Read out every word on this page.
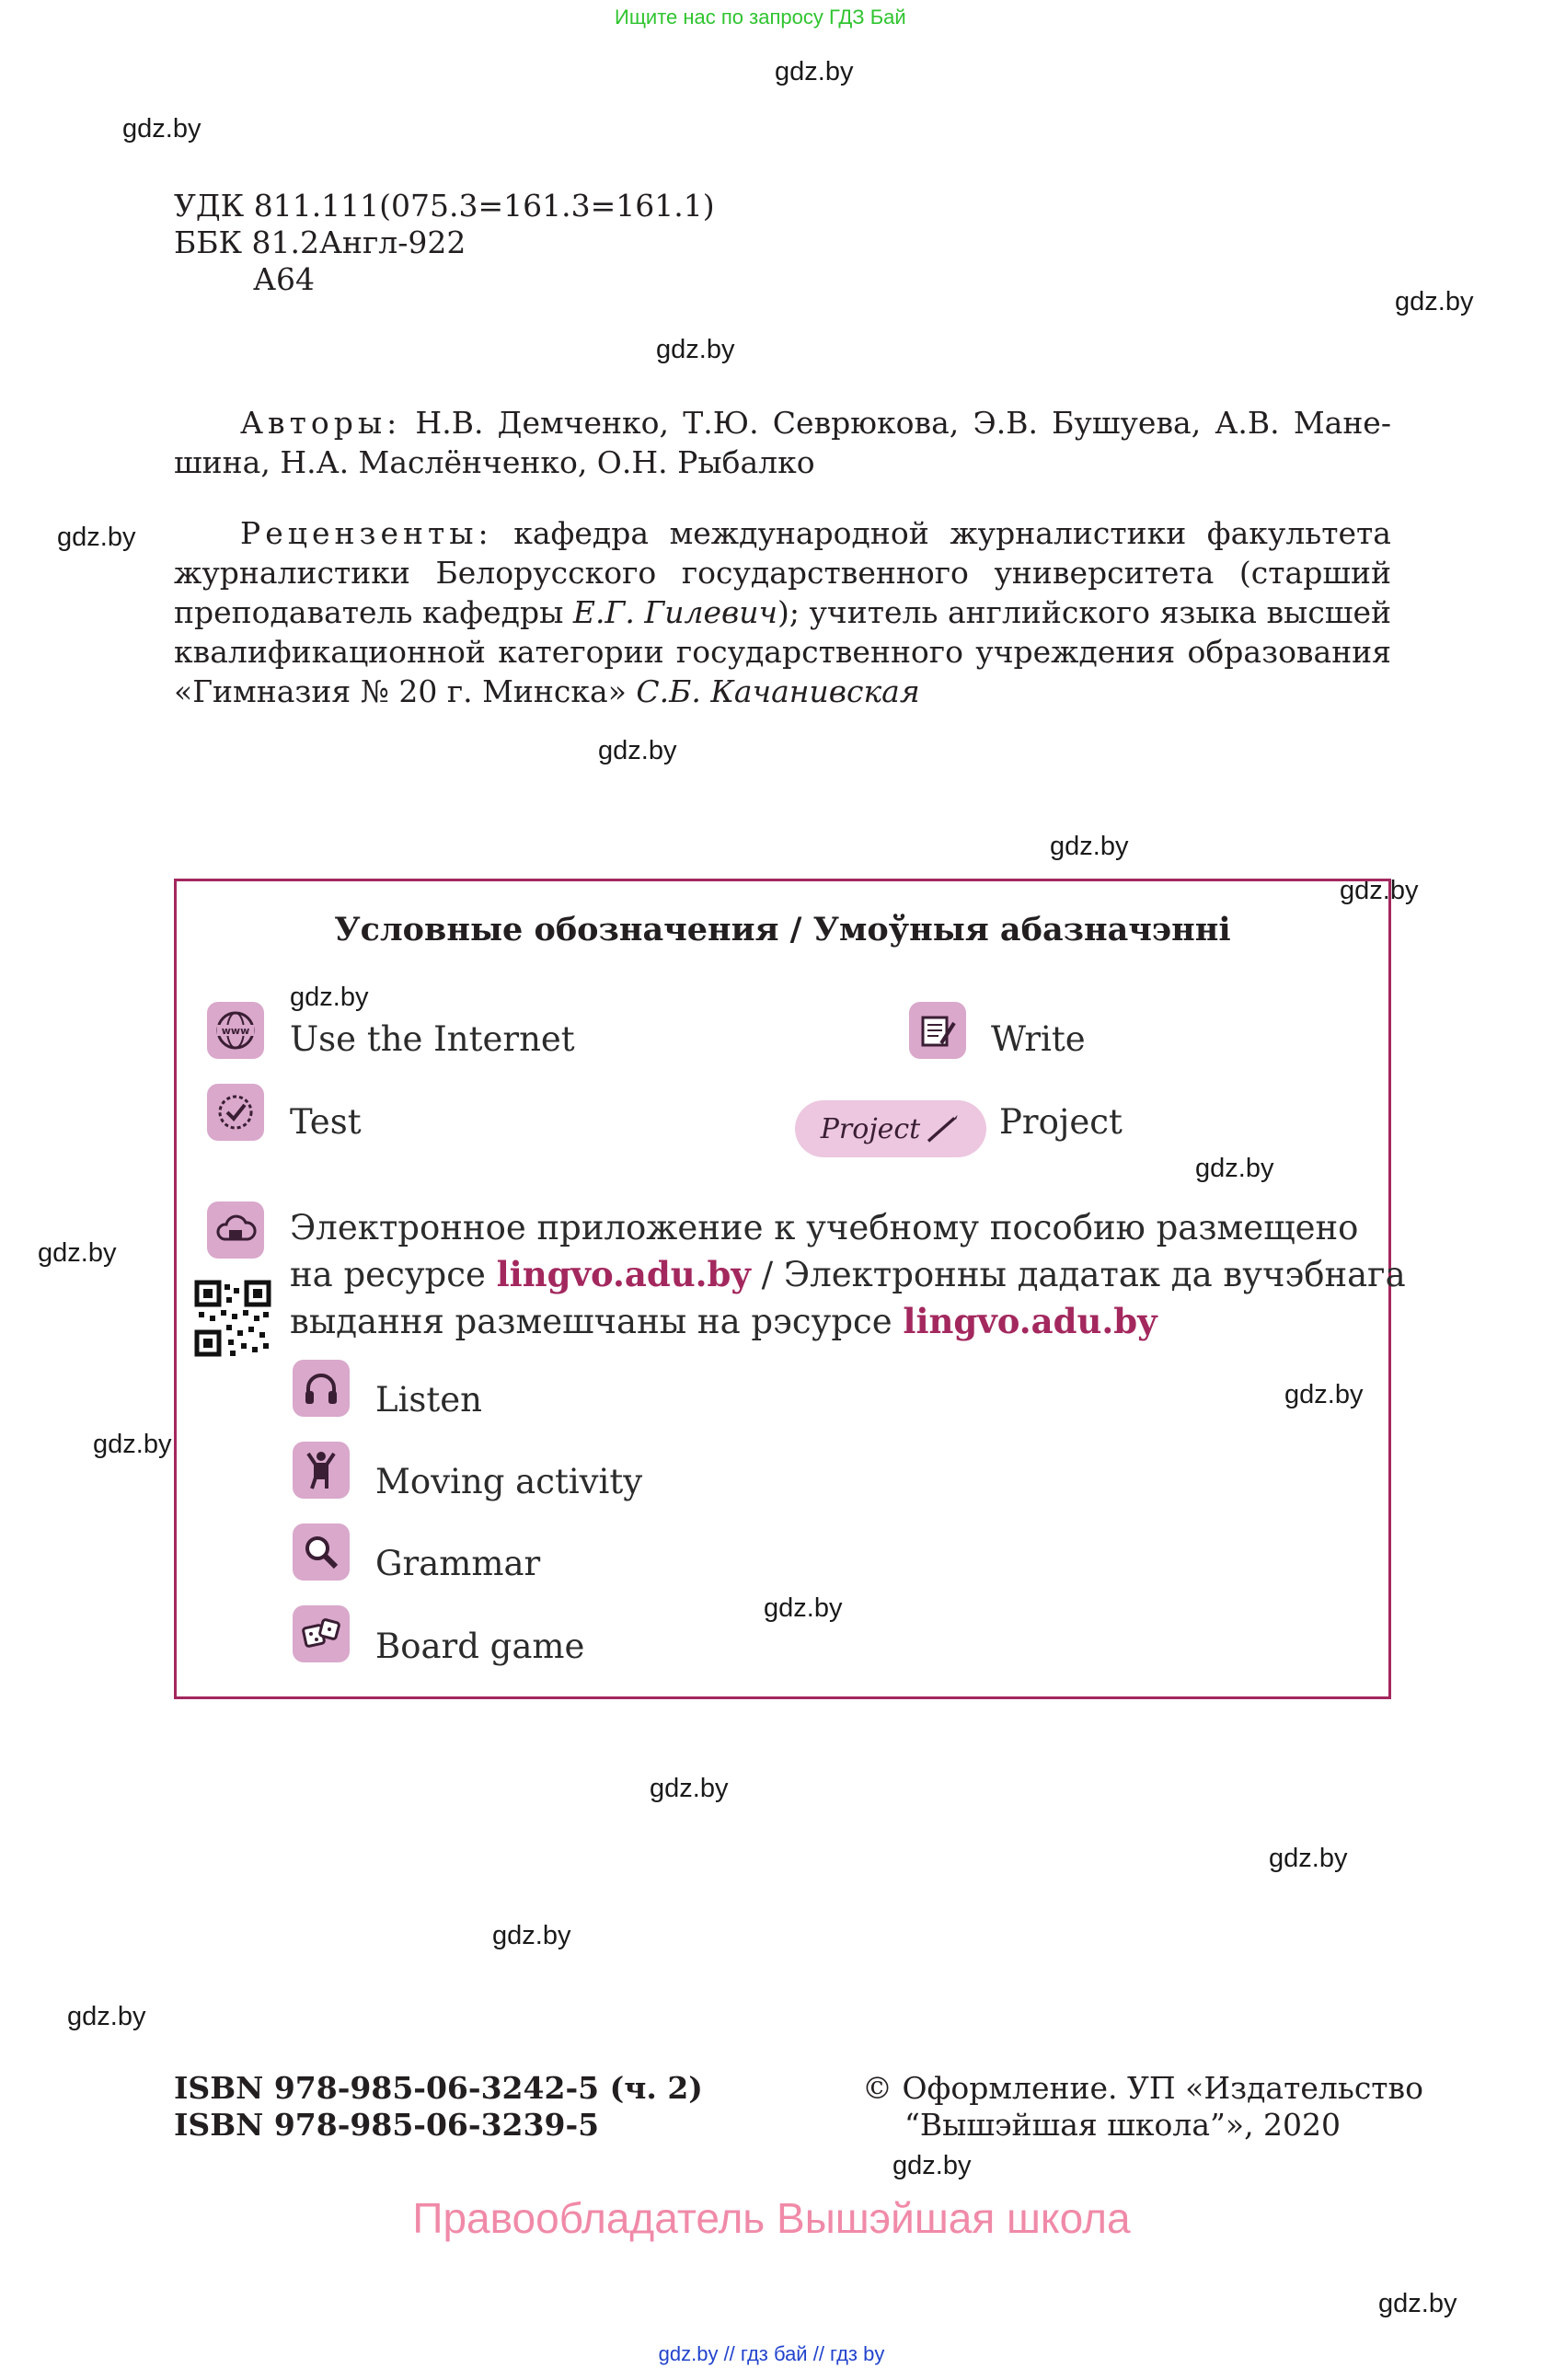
Ищите нас по запросу ГДЗ Бай
gdz.by
gdz.by
gdz.by
gdz.by
gdz.by
gdz.by
gdz.by
gdz.by
gdz.by
gdz.by
gdz.by
gdz.by
gdz.by
gdz.by
gdz.by
gdz.by
gdz.by
gdz.by
gdz.by
gdz.by
УДК 811.111(075.3=161.3=161.1)
ББК 81.2Англ-922
А64
Авторы: Н.В. Демченко, Т.Ю. Севрюкова, Э.В. Бушуева, А.В. Мане-
шина, Н.А. Маслёнченко, О.Н. Рыбалко
Рецензенты: кафедра международной журналистики факультета
журналистики Белорусского государственного университета (старший
преподаватель кафедры Е.Г. Гилевич); учитель английского языка высшей
квалификационной категории государственного учреждения образования
«Гимназия № 20 г. Минска» С.Б. Качанивская
Условные обозначения / Умоўныя абазначэнні
www Use the Internet	Write
Test	Project Project
Электронное приложение к учебному пособию размещено
на ресурсе lingvo.adu.by / Электронны дадатак да вучэбнага
выдання размешчаны на рэсурсе lingvo.adu.by
Listen
Moving activity
Grammar
Board game
ISBN 978-985-06-3242-5 (ч. 2)
ISBN 978-985-06-3239-5
© Оформление. УП «Издательство
“Вышэйшая школа”», 2020
Правообладатель Вышэйшая школа
gdz.by // гдз бай // гдз by
